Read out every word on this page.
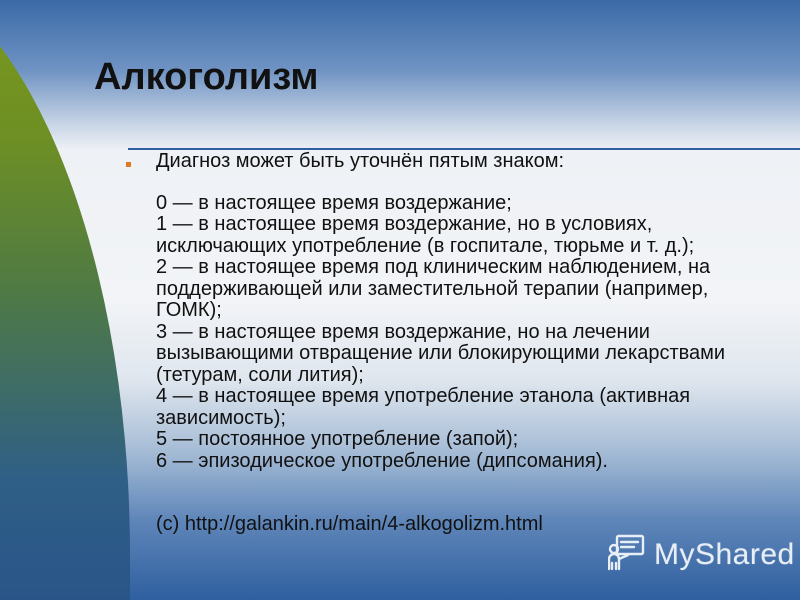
Алкоголизм
Диагноз может быть уточнён пятым знаком:
0 — в настоящее время воздержание;
1 — в настоящее время воздержание, но в условиях,
исключающих употребление (в госпитале, тюрьме и т. д.);
2 — в настоящее время под клиническим наблюдением, на
поддерживающей или заместительной терапии (например,
ГОМК);
3 — в настоящее время воздержание, но на лечении
вызывающими отвращение или блокирующими лекарствами
(тетурам, соли лития);
4 — в настоящее время употребление этанола (активная
зависимость);
5 — постоянное употребление (запой);
6 — эпизодическое употребление (дипсомания).
(c) http://galankin.ru/main/4-alkogolizm.html
MyShared
